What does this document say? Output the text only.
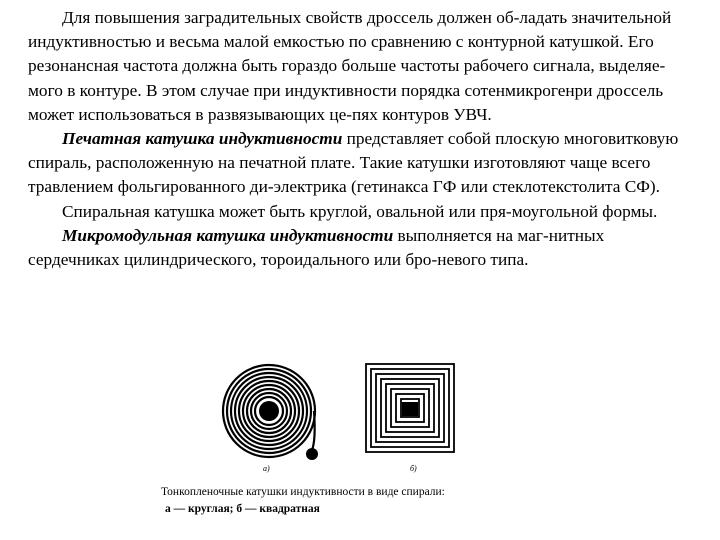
Для повышения заградительных свойств дроссель должен об-ладать значительной индуктивностью и весьма малой емкостью по сравнению с контурной катушкой. Его резонансная частота должна быть гораздо больше частоты рабочего сигнала, выделяе-мого в контуре. В этом случае при индуктивности порядка сотенмикрогенри дроссель может использоваться в развязывающих це-пях контуров УВЧ.

Печатная катушка индуктивности представляет собой плоскую многовитковую спираль, расположенную на печатной плате. Такие катушки изготовляют чаще всего травлением фольгированного ди-электрика (гетинакса ГФ или стеклотекстолита СФ).

Спиральная катушка может быть круглой, овальной или пря-моугольной формы.

Микромодульная катушка индуктивности выполняется на маг-нитных сердечниках цилиндрического, тороидального или бро-невого типа.

а)	б)
Тонкопленочные катушки индуктивности в виде спирали:
а — круглая; б — квадратная
